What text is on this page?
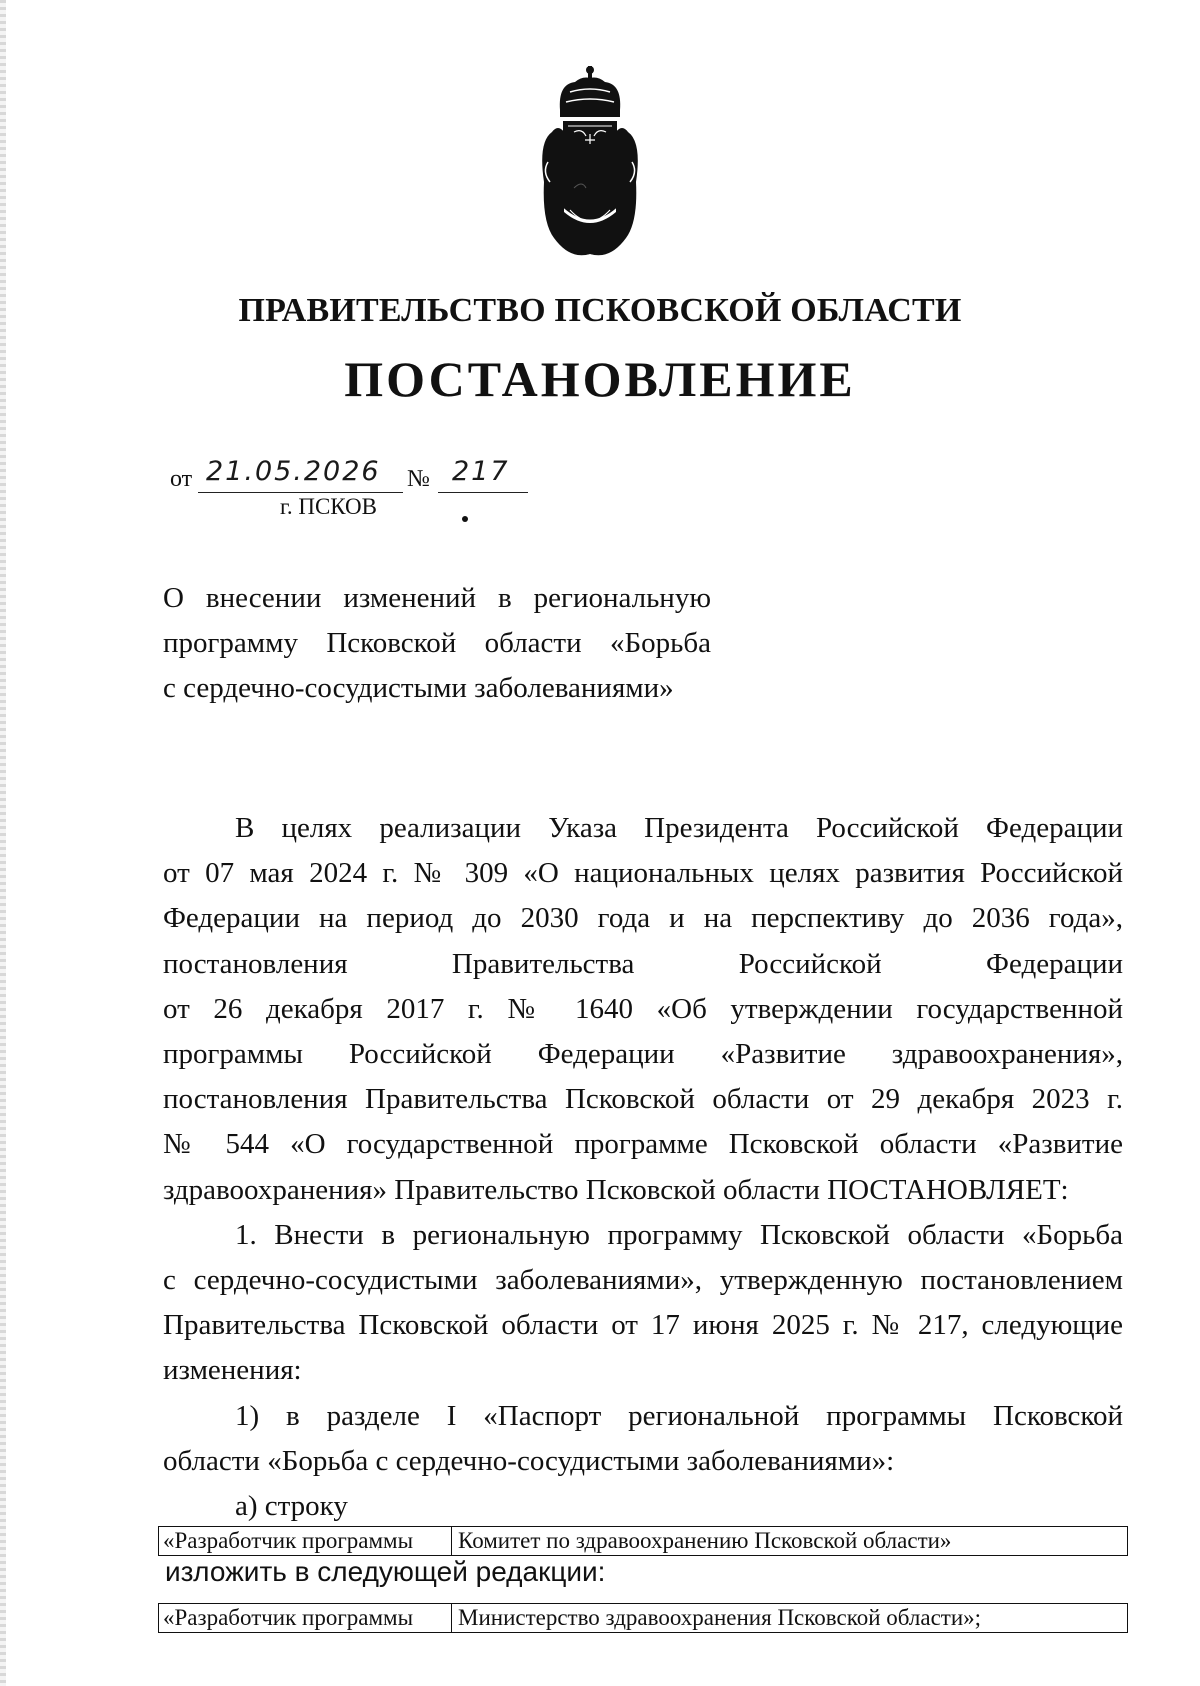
ПРАВИТЕЛЬСТВО ПСКОВСКОЙ ОБЛАСТИ
ПОСТАНОВЛЕНИЕ
от 21.05.2026 № 217
г. ПСКОВ
О внесении изменений в региональную
программу Псковской области «Борьба
с сердечно-сосудистыми заболеваниями»
В целях реализации Указа Президента Российской Федерации
от 07 мая 2024 г. № 309 «О национальных целях развития Российской
Федерации на период до 2030 года и на перспективу до 2036 года»,
постановления Правительства Российской Федерации
от 26 декабря 2017 г. № 1640 «Об утверждении государственной
программы Российской Федерации «Развитие здравоохранения»,
постановления Правительства Псковской области от 29 декабря 2023 г.
№ 544 «О государственной программе Псковской области «Развитие
здравоохранения» Правительство Псковской области ПОСТАНОВЛЯЕТ:
1. Внести в региональную программу Псковской области «Борьба
с сердечно-сосудистыми заболеваниями», утвержденную постановлением
Правительства Псковской области от 17 июня 2025 г. № 217, следующие
изменения:
1) в разделе I «Паспорт региональной программы Псковской
области «Борьба с сердечно-сосудистыми заболеваниями»:
а) строку
«Разработчик программы	Комитет по здравоохранению Псковской области»
изложить в следующей редакции:
«Разработчик программы	Министерство здравоохранения Псковской области»;
